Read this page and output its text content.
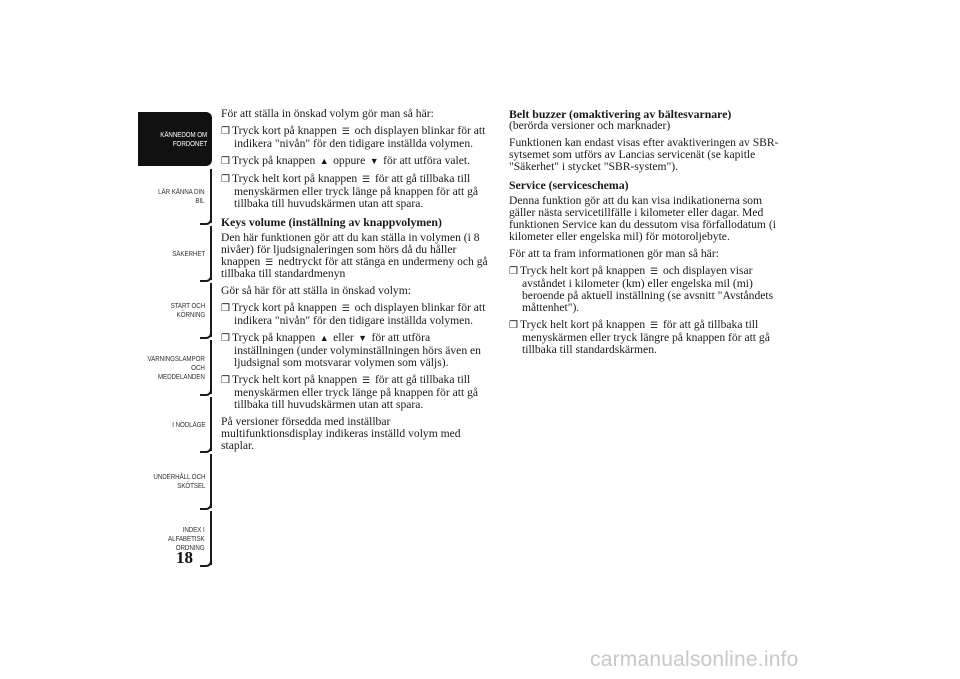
KÄNNEDOM OM
FORDONET
LÄR KÄNNA DIN
BIL
SÄKERHET
START OCH
KÖRNING
VARNINGSLAMPOR
OCH
MEDDELANDEN
I NÖDLÄGE
UNDERHÅLL OCH
SKÖTSEL
INDEX I
ALFABETISK
ORDNING
18

För att ställa in önskad volym gör man så här:

❒ Tryck kort på knappen ☰ och displayen blinkar för att indikera "nivån" för den tidigare inställda volymen.

❒ Tryck på knappen ▲ oppure ▼ för att utföra valet.

❒ Tryck helt kort på knappen ☰ för att gå tillbaka till menyskärmen eller tryck länge på knappen för att gå tillbaka till huvudskärmen utan att spara.

Keys volume (inställning av knappvolymen)

Den här funktionen gör att du kan ställa in volymen (i 8 nivåer) för ljudsignaleringen som hörs då du håller knappen ☰ nedtryckt för att stänga en undermeny och gå tillbaka till standardmenyn

Gör så här för att ställa in önskad volym:

❒ Tryck kort på knappen ☰ och displayen blinkar för att indikera "nivån" för den tidigare inställda volymen.

❒ Tryck på knappen ▲ eller ▼ för att utföra inställningen (under volyminställningen hörs även en ljudsignal som motsvarar volymen som väljs).

❒ Tryck helt kort på knappen ☰ för att gå tillbaka till menyskärmen eller tryck länge på knappen för att gå tillbaka till huvudskärmen utan att spara.

På versioner försedda med inställbar multifunktionsdisplay indikeras inställd volym med staplar.

Belt buzzer (omaktivering av bältesvarnare)

(berörda versioner och marknader)

Funktionen kan endast visas efter avaktiveringen av SBR-sytsemet som utförs av Lancias servicenät (se kapitle "Säkerhet" i stycket "SBR-system").

Service (serviceschema)

Denna funktion gör att du kan visa indikationerna som gäller nästa servicetillfälle i kilometer eller dagar. Med funktionen Service kan du dessutom visa förfallodatum (i kilometer eller engelska mil) för motoroljebyte.

För att ta fram informationen gör man så här:

❒ Tryck helt kort på knappen ☰ och displayen visar avståndet i kilometer (km) eller engelska mil (mi) beroende på aktuell inställning (se avsnitt "Avståndets måttenhet").

❒ Tryck helt kort på knappen ☰ för att gå tillbaka till menyskärmen eller tryck längre på knappen för att gå tillbaka till standardskärmen.

carmanualsonline.info
